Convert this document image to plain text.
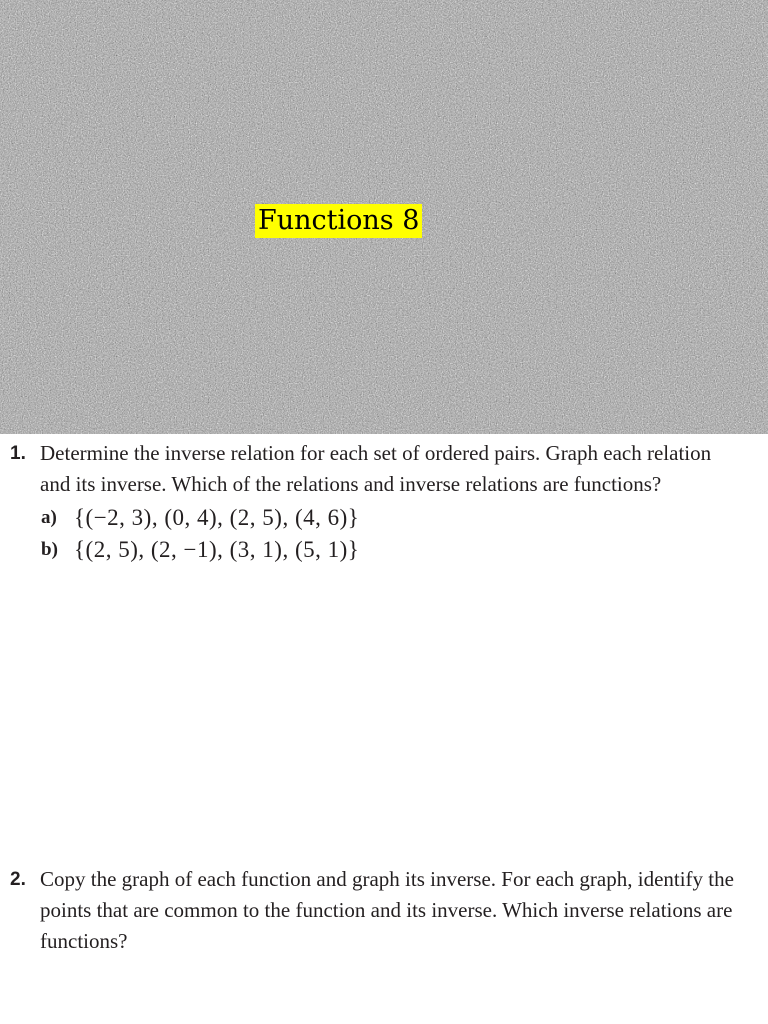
Functions 8
1. Determine the inverse relation for each set of ordered pairs. Graph each relation and its inverse. Which of the relations and inverse relations are functions?
a) {(−2, 3), (0, 4), (2, 5), (4, 6)}
b) {(2, 5), (2, −1), (3, 1), (5, 1)}
2. Copy the graph of each function and graph its inverse. For each graph, identify the points that are common to the function and its inverse. Which inverse relations are functions?
